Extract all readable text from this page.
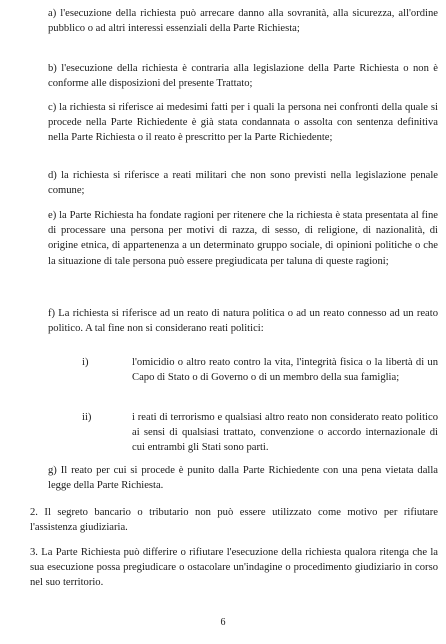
a) l'esecuzione della richiesta può arrecare danno alla sovranità, alla sicurezza, all'ordine pubblico o ad altri interessi essenziali della Parte Richiesta;

b) l'esecuzione della richiesta è contraria alla legislazione della Parte Richiesta o non è conforme alle disposizioni del presente Trattato;

c) la richiesta si riferisce ai medesimi fatti per i quali la persona nei confronti della quale si procede nella Parte Richiedente è già stata condannata o assolta con sentenza definitiva nella Parte Richiesta o il reato è prescritto per la Parte Richiedente;

d) la richiesta si riferisce a reati militari che non sono previsti nella legislazione penale comune;

e) la Parte Richiesta ha fondate ragioni per ritenere che la richiesta è stata presentata al fine di processare una persona per motivi di razza, di sesso, di religione, di nazionalità, di origine etnica, di appartenenza a un determinato gruppo sociale, di opinioni politiche o che la situazione di tale persona può essere pregiudicata per taluna di queste ragioni;

f) La richiesta si riferisce ad un reato di natura politica o ad un reato connesso ad un reato politico. A tal fine non si considerano reati politici:

i)	l'omicidio o altro reato contro la vita, l'integrità fisica o la libertà di un Capo di Stato o di Governo o di un membro della sua famiglia;
ii)	i reati di terrorismo e qualsiasi altro reato non considerato reato politico ai sensi di qualsiasi trattato, convenzione o accordo internazionale di cui entrambi gli Stati sono parti.

g) Il reato per cui si procede è punito dalla Parte Richiedente con una pena vietata dalla legge della Parte Richiesta.

2. Il segreto bancario o tributario non può essere utilizzato come motivo per rifiutare l'assistenza giudiziaria.

3. La Parte Richiesta può differire o rifiutare l'esecuzione della richiesta qualora ritenga che la sua esecuzione possa pregiudicare o ostacolare un'indagine o procedimento giudiziario in corso nel suo territorio.

6
